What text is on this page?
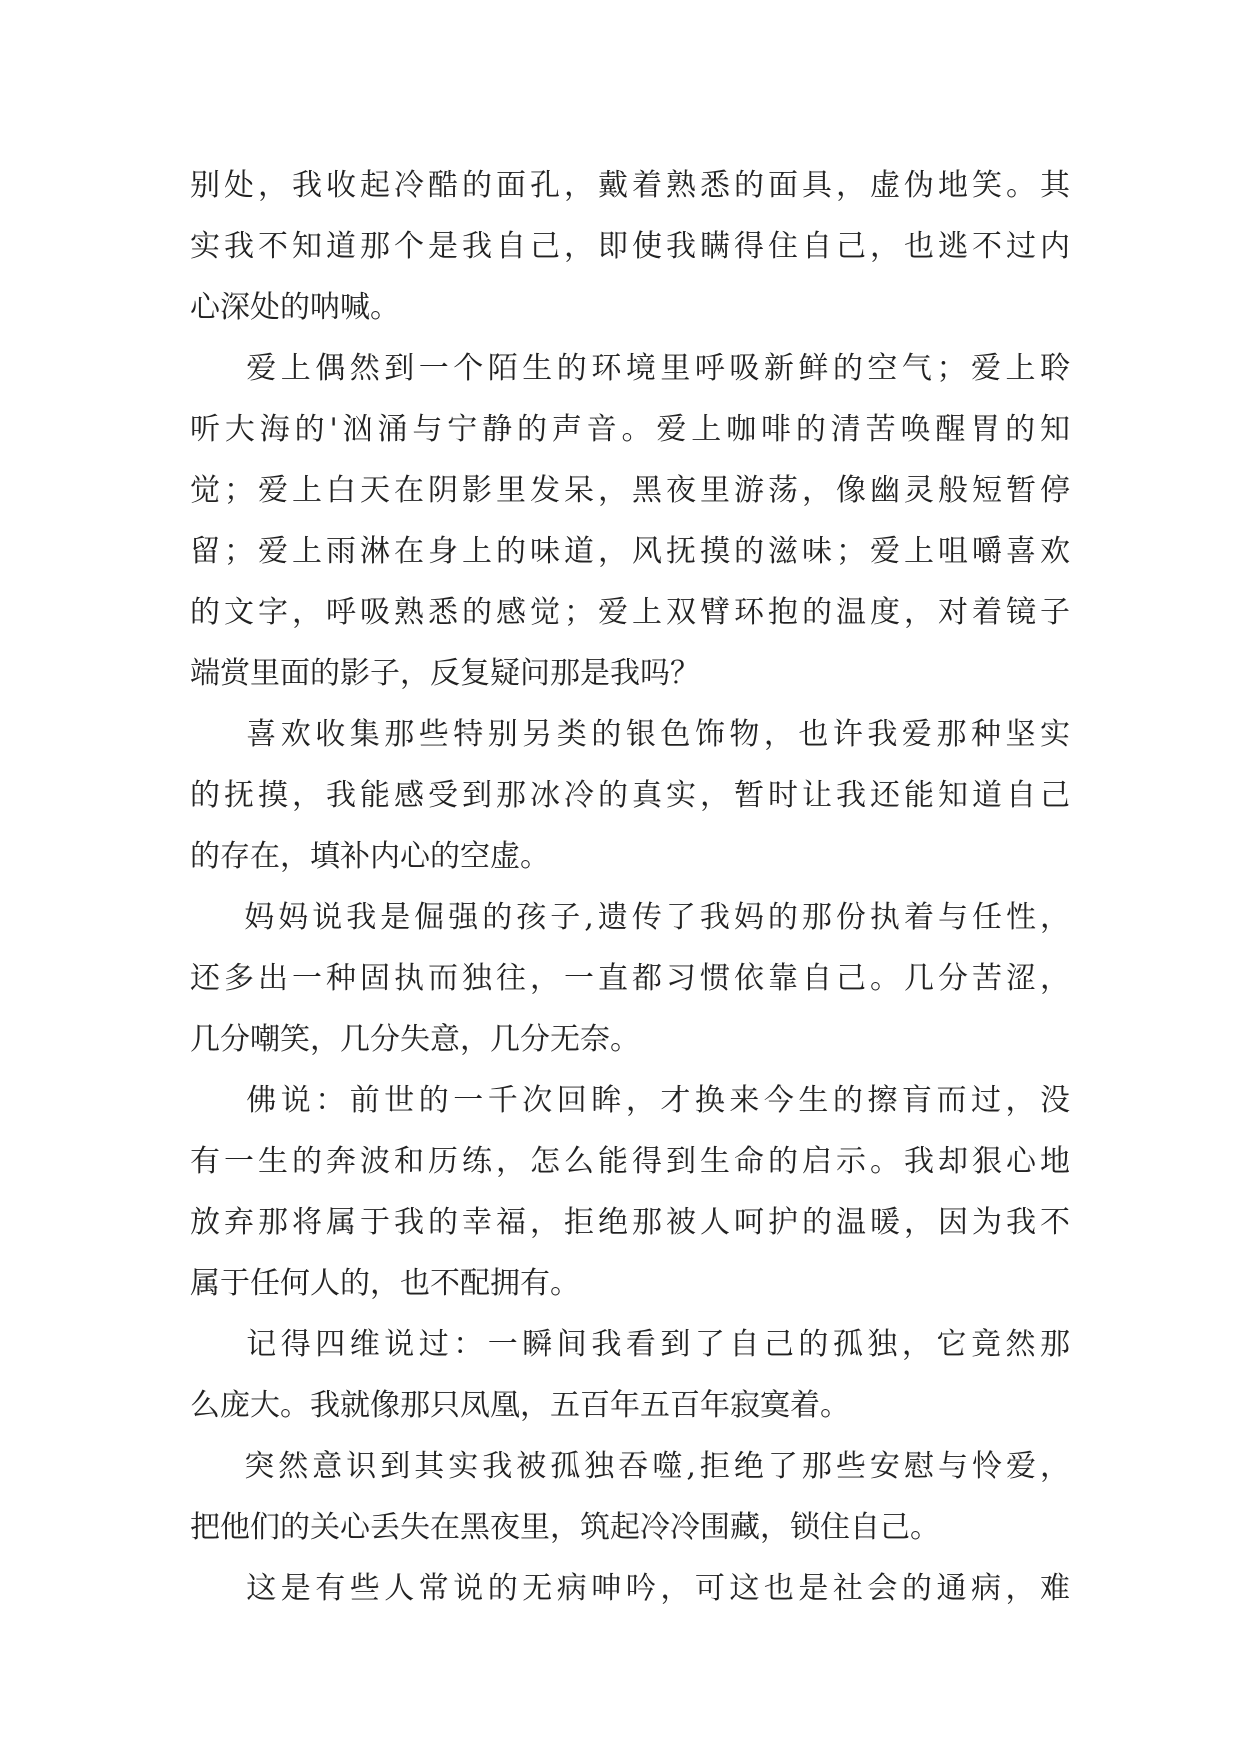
别处，我收起冷酷的面孔，戴着熟悉的面具，虚伪地笑。其
实我不知道那个是我自己，即使我瞒得住自己，也逃不过内
心深处的呐喊。
爱上偶然到一个陌生的环境里呼吸新鲜的空气；爱上聆
听大海的'汹涌与宁静的声音。爱上咖啡的清苦唤醒胃的知
觉；爱上白天在阴影里发呆，黑夜里游荡，像幽灵般短暂停
留；爱上雨淋在身上的味道，风抚摸的滋味；爱上咀嚼喜欢
的文字，呼吸熟悉的感觉；爱上双臂环抱的温度，对着镜子
端赏里面的影子，反复疑问那是我吗？
喜欢收集那些特别另类的银色饰物，也许我爱那种坚实
的抚摸，我能感受到那冰冷的真实，暂时让我还能知道自己
的存在，填补内心的空虚。
妈妈说我是倔强的孩子,遗传了我妈的那份执着与任性，
还多出一种固执而独往，一直都习惯依靠自己。几分苦涩，
几分嘲笑，几分失意，几分无奈。
佛说：前世的一千次回眸，才换来今生的擦肓而过，没
有一生的奔波和历练，怎么能得到生命的启示。我却狠心地
放弃那将属于我的幸福，拒绝那被人呵护的温暖，因为我不
属于任何人的，也不配拥有。
记得四维说过：一瞬间我看到了自己的孤独，它竟然那
么庞大。我就像那只凤凰，五百年五百年寂寞着。
突然意识到其实我被孤独吞噬,拒绝了那些安慰与怜爱，
把他们的关心丢失在黑夜里，筑起冷冷围藏，锁住自己。
这是有些人常说的无病呻吟，可这也是社会的通病，难
